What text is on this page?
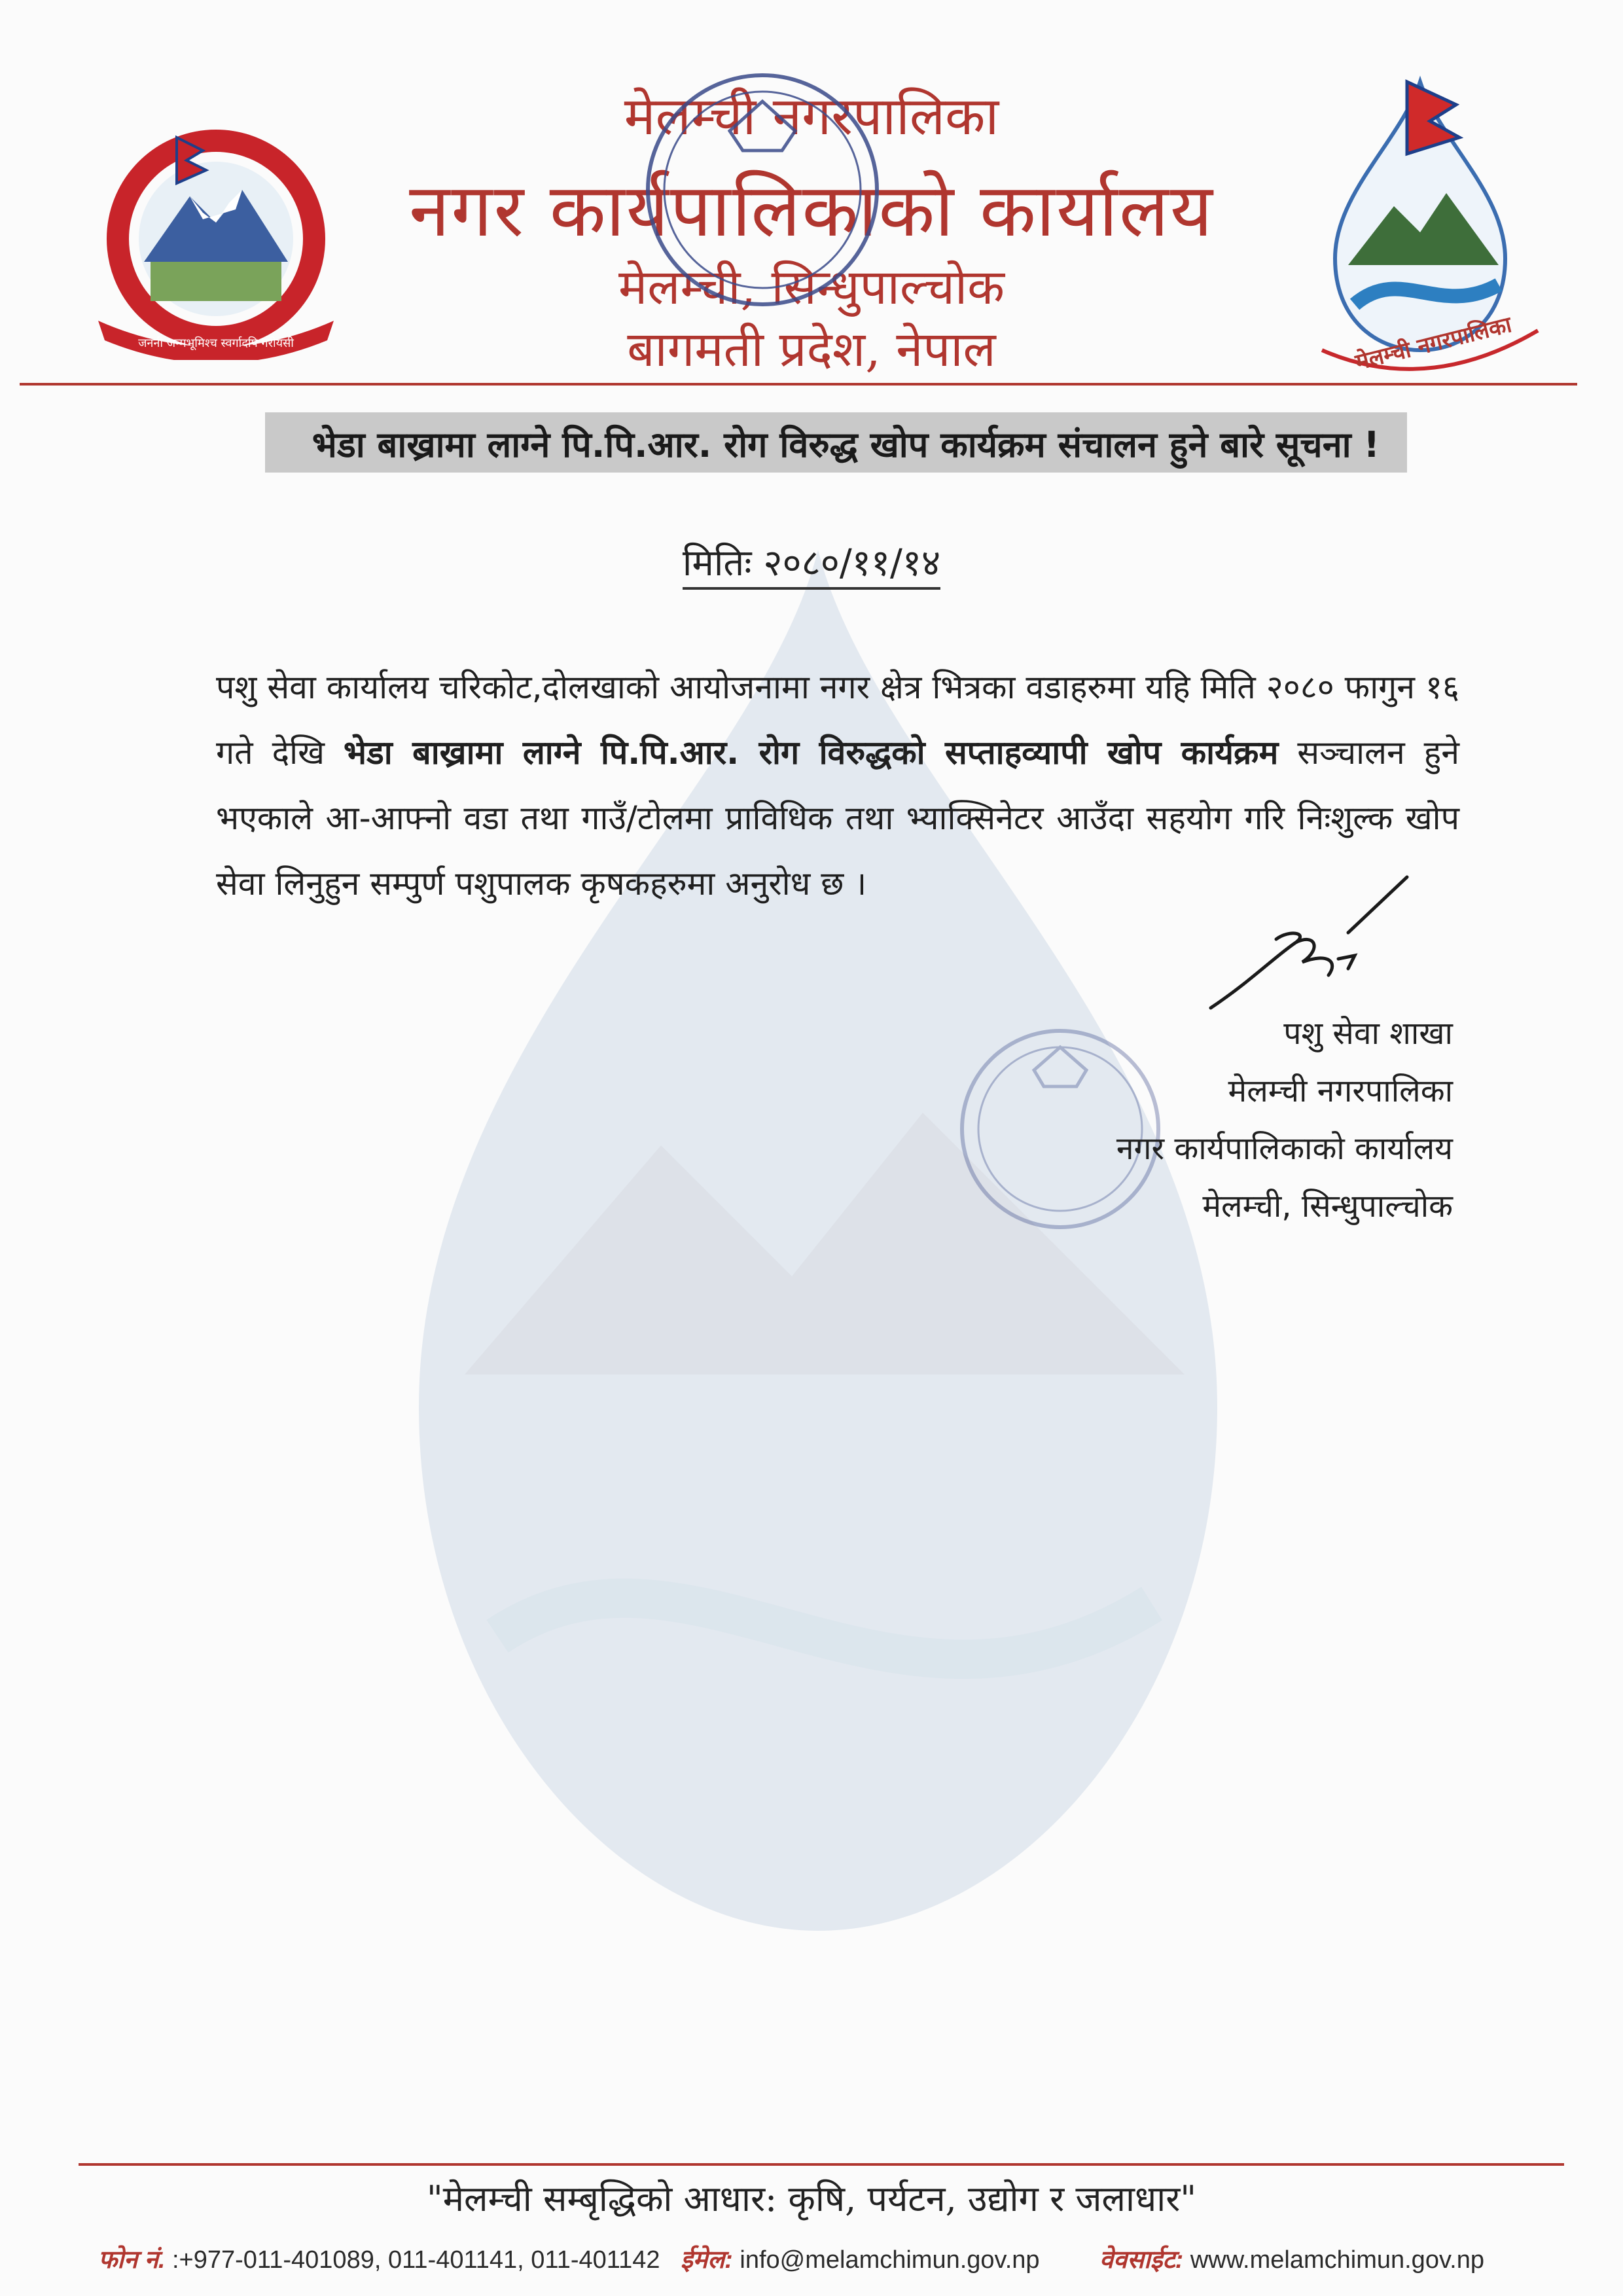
जननी जन्मभूमिश्च स्वर्गादपि गरीयसी	मेलम्ची नगरपालिका
मेलम्ची नगरपालिका
नगर कार्यपालिकाको कार्यालय
मेलम्ची, सिन्धुपाल्चोक
बागमती प्रदेश, नेपाल
भेडा बाख्रामा लाग्ने पि.पि.आर. रोग विरुद्ध खोप कार्यक्रम संचालन हुने बारे सूचना !
मितिः २०८०/११/१४
पशु सेवा कार्यालय चरिकोट,दोलखाको आयोजनामा नगर क्षेत्र भित्रका वडाहरुमा यहि मिति २०८० फागुन १६ गते देखि भेडा बाख्रामा लाग्ने पि.पि.आर. रोग विरुद्धको सप्ताहव्यापी खोप कार्यक्रम सञ्चालन हुने भएकाले आ-आफ्नो वडा तथा गाउँ/टोलमा प्राविधिक तथा भ्याक्सिनेटर आउँदा सहयोग गरि निःशुल्क खोप सेवा लिनुहुन सम्पुर्ण पशुपालक कृषकहरुमा अनुरोध छ ।
पशु सेवा शाखा
मेलम्ची नगरपालिका
नगर कार्यपालिकाको कार्यालय
मेलम्ची, सिन्धुपाल्चोक
"मेलम्ची सम्बृद्धिको आधार: कृषि, पर्यटन, उद्योग र जलाधार"
फोन नं. :+977-011-401089, 011-401141, 011-401142 ईमेल: info@melamchimun.gov.np वेवसाईट: www.melamchimun.gov.np
